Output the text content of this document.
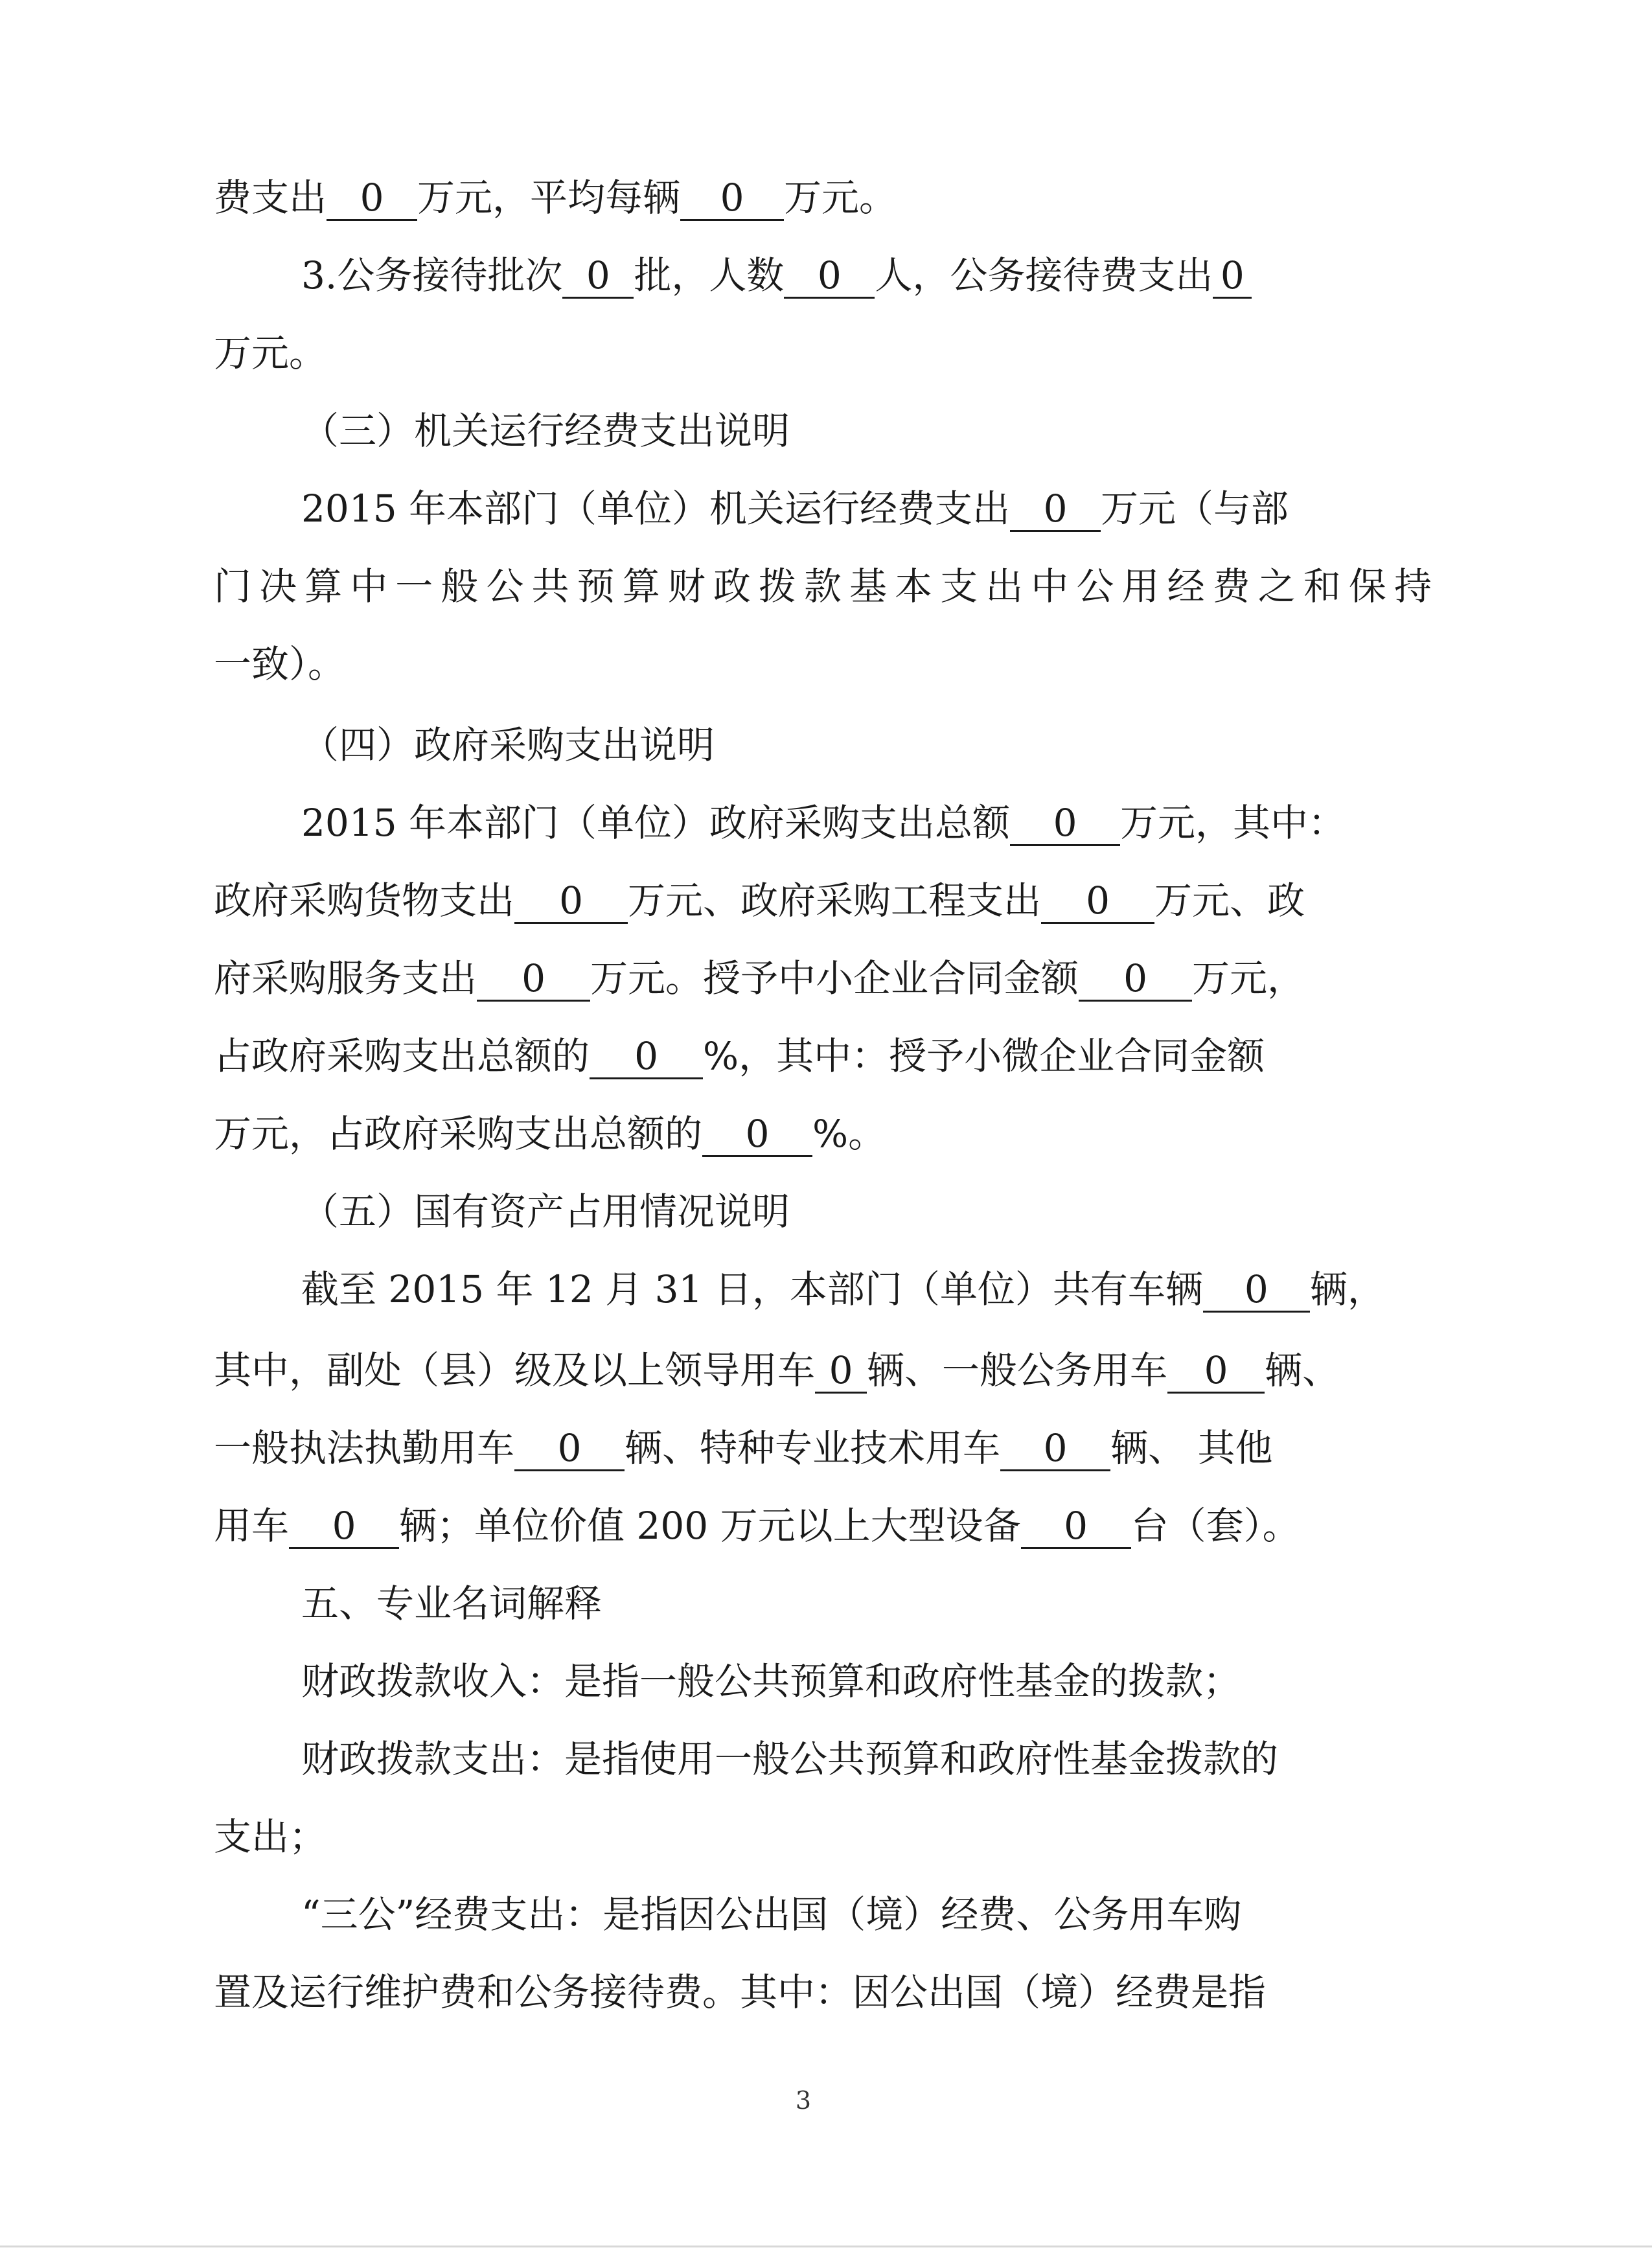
费支出 0 万元，平均每辆 0 万元。
3.公务接待批次 0 批，人数 0 人，公务接待费支出 0
万元。
（三）机关运行经费支出说明
2015 年本部门（单位）机关运行经费支出 0 万元（与部
门决算中一般公共预算财政拨款基本支出中公用经费之和保持
一致）。
（四）政府采购支出说明
2015 年本部门（单位）政府采购支出总额 0 万元，其中：
政府采购货物支出 0 万元、政府采购工程支出 0 万元、政
府采购服务支出 0 万元。授予中小企业合同金额 0 万元，
占政府采购支出总额的 0 %，其中：授予小微企业合同金额
万元，占政府采购支出总额的 0 %。
（五）国有资产占用情况说明
截至 2015 年 12 月 31 日，本部门（单位）共有车辆 0 辆，
其中，副处（县）级及以上领导用车 0 辆、一般公务用车 0 辆、
一般执法执勤用车 0 辆、特种专业技术用车 0 辆、 其他
用车 0 辆；单位价值 200 万元以上大型设备 0 台（套）。
五、专业名词解释
财政拨款收入：是指一般公共预算和政府性基金的拨款；
财政拨款支出：是指使用一般公共预算和政府性基金拨款的
支出；
“三公”经费支出：是指因公出国（境）经费、公务用车购
置及运行维护费和公务接待费。其中：因公出国（境）经费是指
3
